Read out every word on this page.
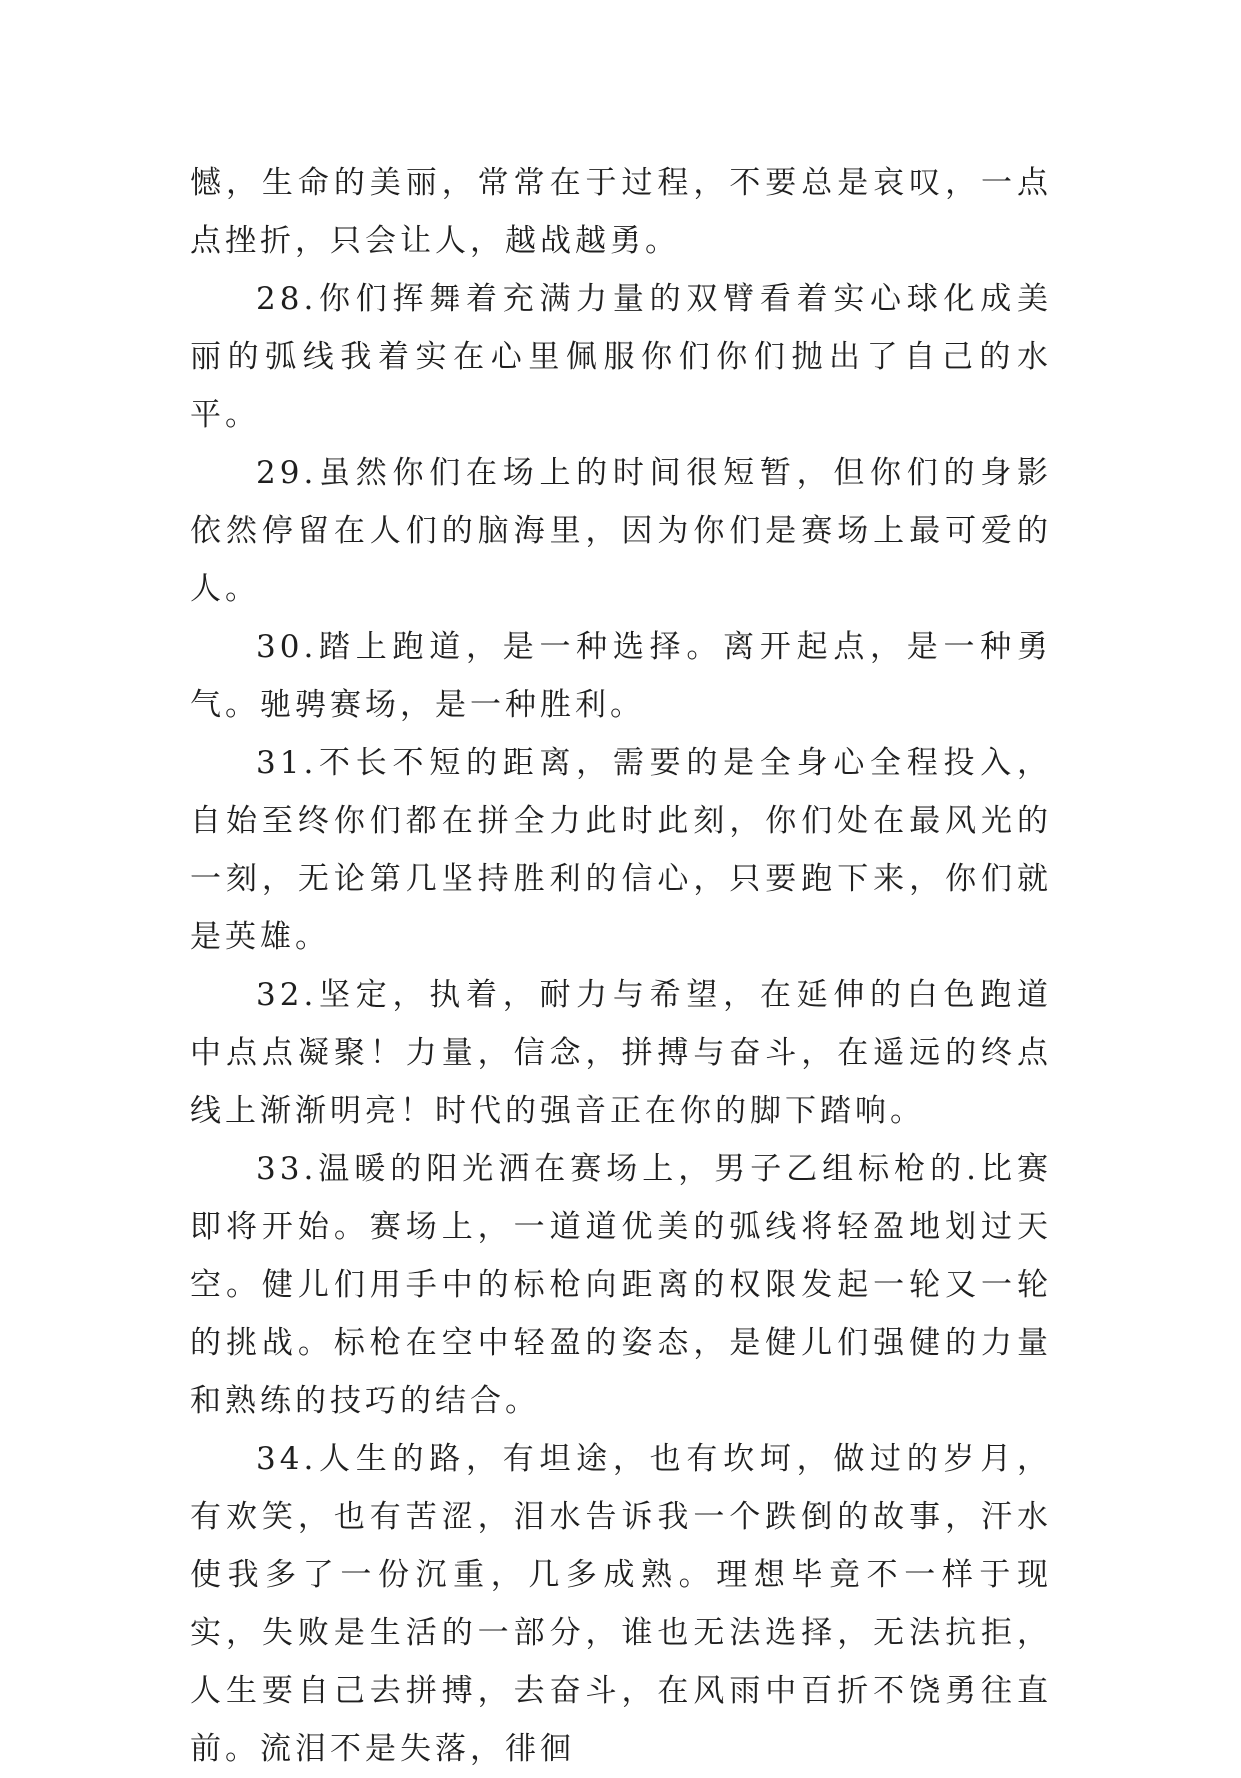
憾，生命的美丽，常常在于过程，不要总是哀叹，一点点挫折，只会让人，越战越勇。

28.你们挥舞着充满力量的双臂看着实心球化成美丽的弧线我着实在心里佩服你们你们抛出了自己的水平。

29.虽然你们在场上的时间很短暂，但你们的身影依然停留在人们的脑海里，因为你们是赛场上最可爱的人。

30.踏上跑道，是一种选择。离开起点，是一种勇气。驰骋赛场，是一种胜利。

31.不长不短的距离，需要的是全身心全程投入，自始至终你们都在拼全力此时此刻，你们处在最风光的一刻，无论第几坚持胜利的信心，只要跑下来，你们就是英雄。

32.坚定，执着，耐力与希望，在延伸的白色跑道中点点凝聚！力量，信念，拼搏与奋斗，在遥远的终点线上渐渐明亮！时代的强音正在你的脚下踏响。

33.温暖的阳光洒在赛场上，男子乙组标枪的.比赛即将开始。赛场上，一道道优美的弧线将轻盈地划过天空。健儿们用手中的标枪向距离的权限发起一轮又一轮的挑战。标枪在空中轻盈的姿态，是健儿们强健的力量和熟练的技巧的结合。

34.人生的路，有坦途，也有坎坷，做过的岁月，有欢笑，也有苦涩，泪水告诉我一个跌倒的故事，汗水使我多了一份沉重，几多成熟。理想毕竟不一样于现实，失败是生活的一部分，谁也无法选择，无法抗拒，人生要自己去拼搏，去奋斗，在风雨中百折不饶勇往直前。流泪不是失落，徘徊
